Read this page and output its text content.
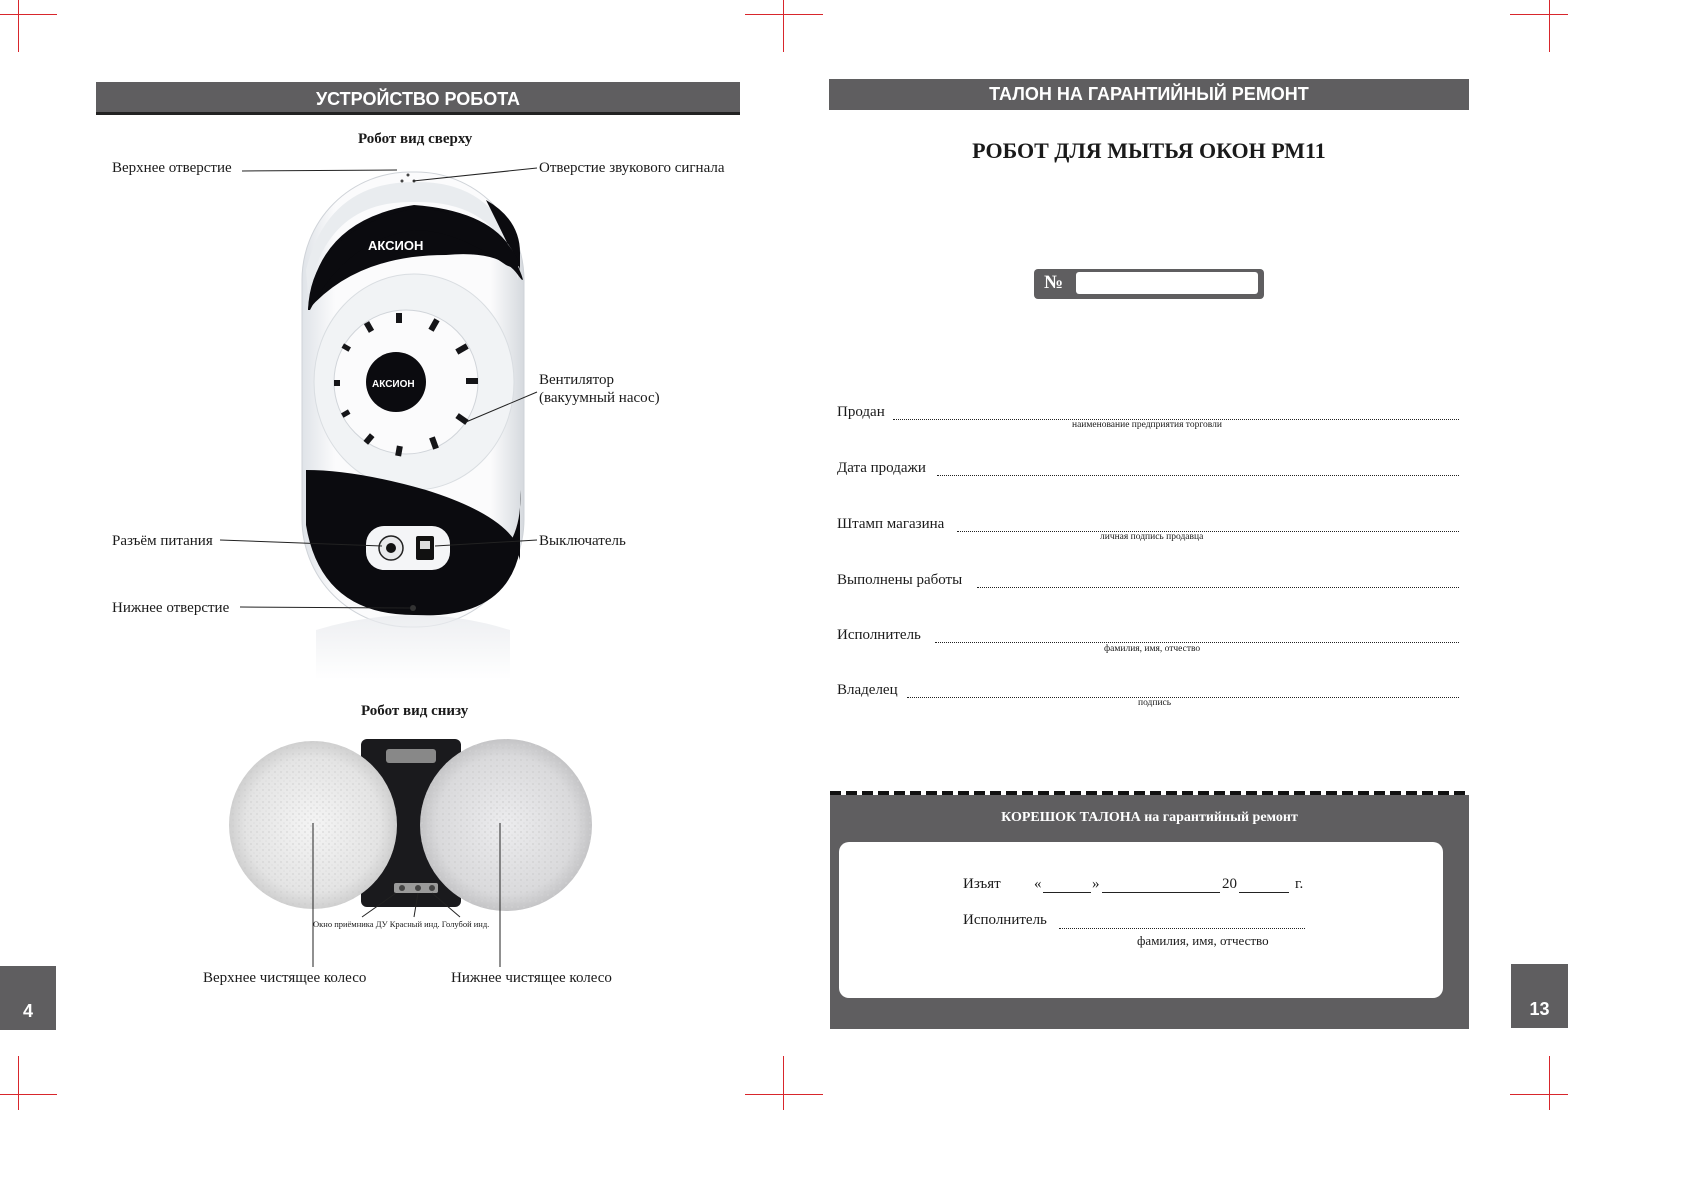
УСТРОЙСТВО РОБОТА
Робот вид сверху
АКСИОН
АКСИОН
Верхнее отверстие	Отверстие звукового сигнала
Вентилятор
(вакуумный насос)
Разъём питания	Выключатель
Нижнее отверстие
Робот вид снизу
Окно приёмника ДУ Красный инд. Голубой инд.
Верхнее чистящее колесо	Нижнее чистящее колесо
4
ТАЛОН НА ГАРАНТИЙНЫЙ РЕМОНТ
РОБОТ ДЛЯ МЫТЬЯ ОКОН РМ11
№
Продан
наименование предприятия торговли
Дата продажи
Штамп магазина
личная подпись продавца
Выполнены работы
Исполнитель
фамилия, имя, отчество
Владелец
подпись
КОРЕШОК ТАЛОНА на гарантийный ремонт
Изъят «	»	20	г.
Исполнитель
фамилия, имя, отчество
13
